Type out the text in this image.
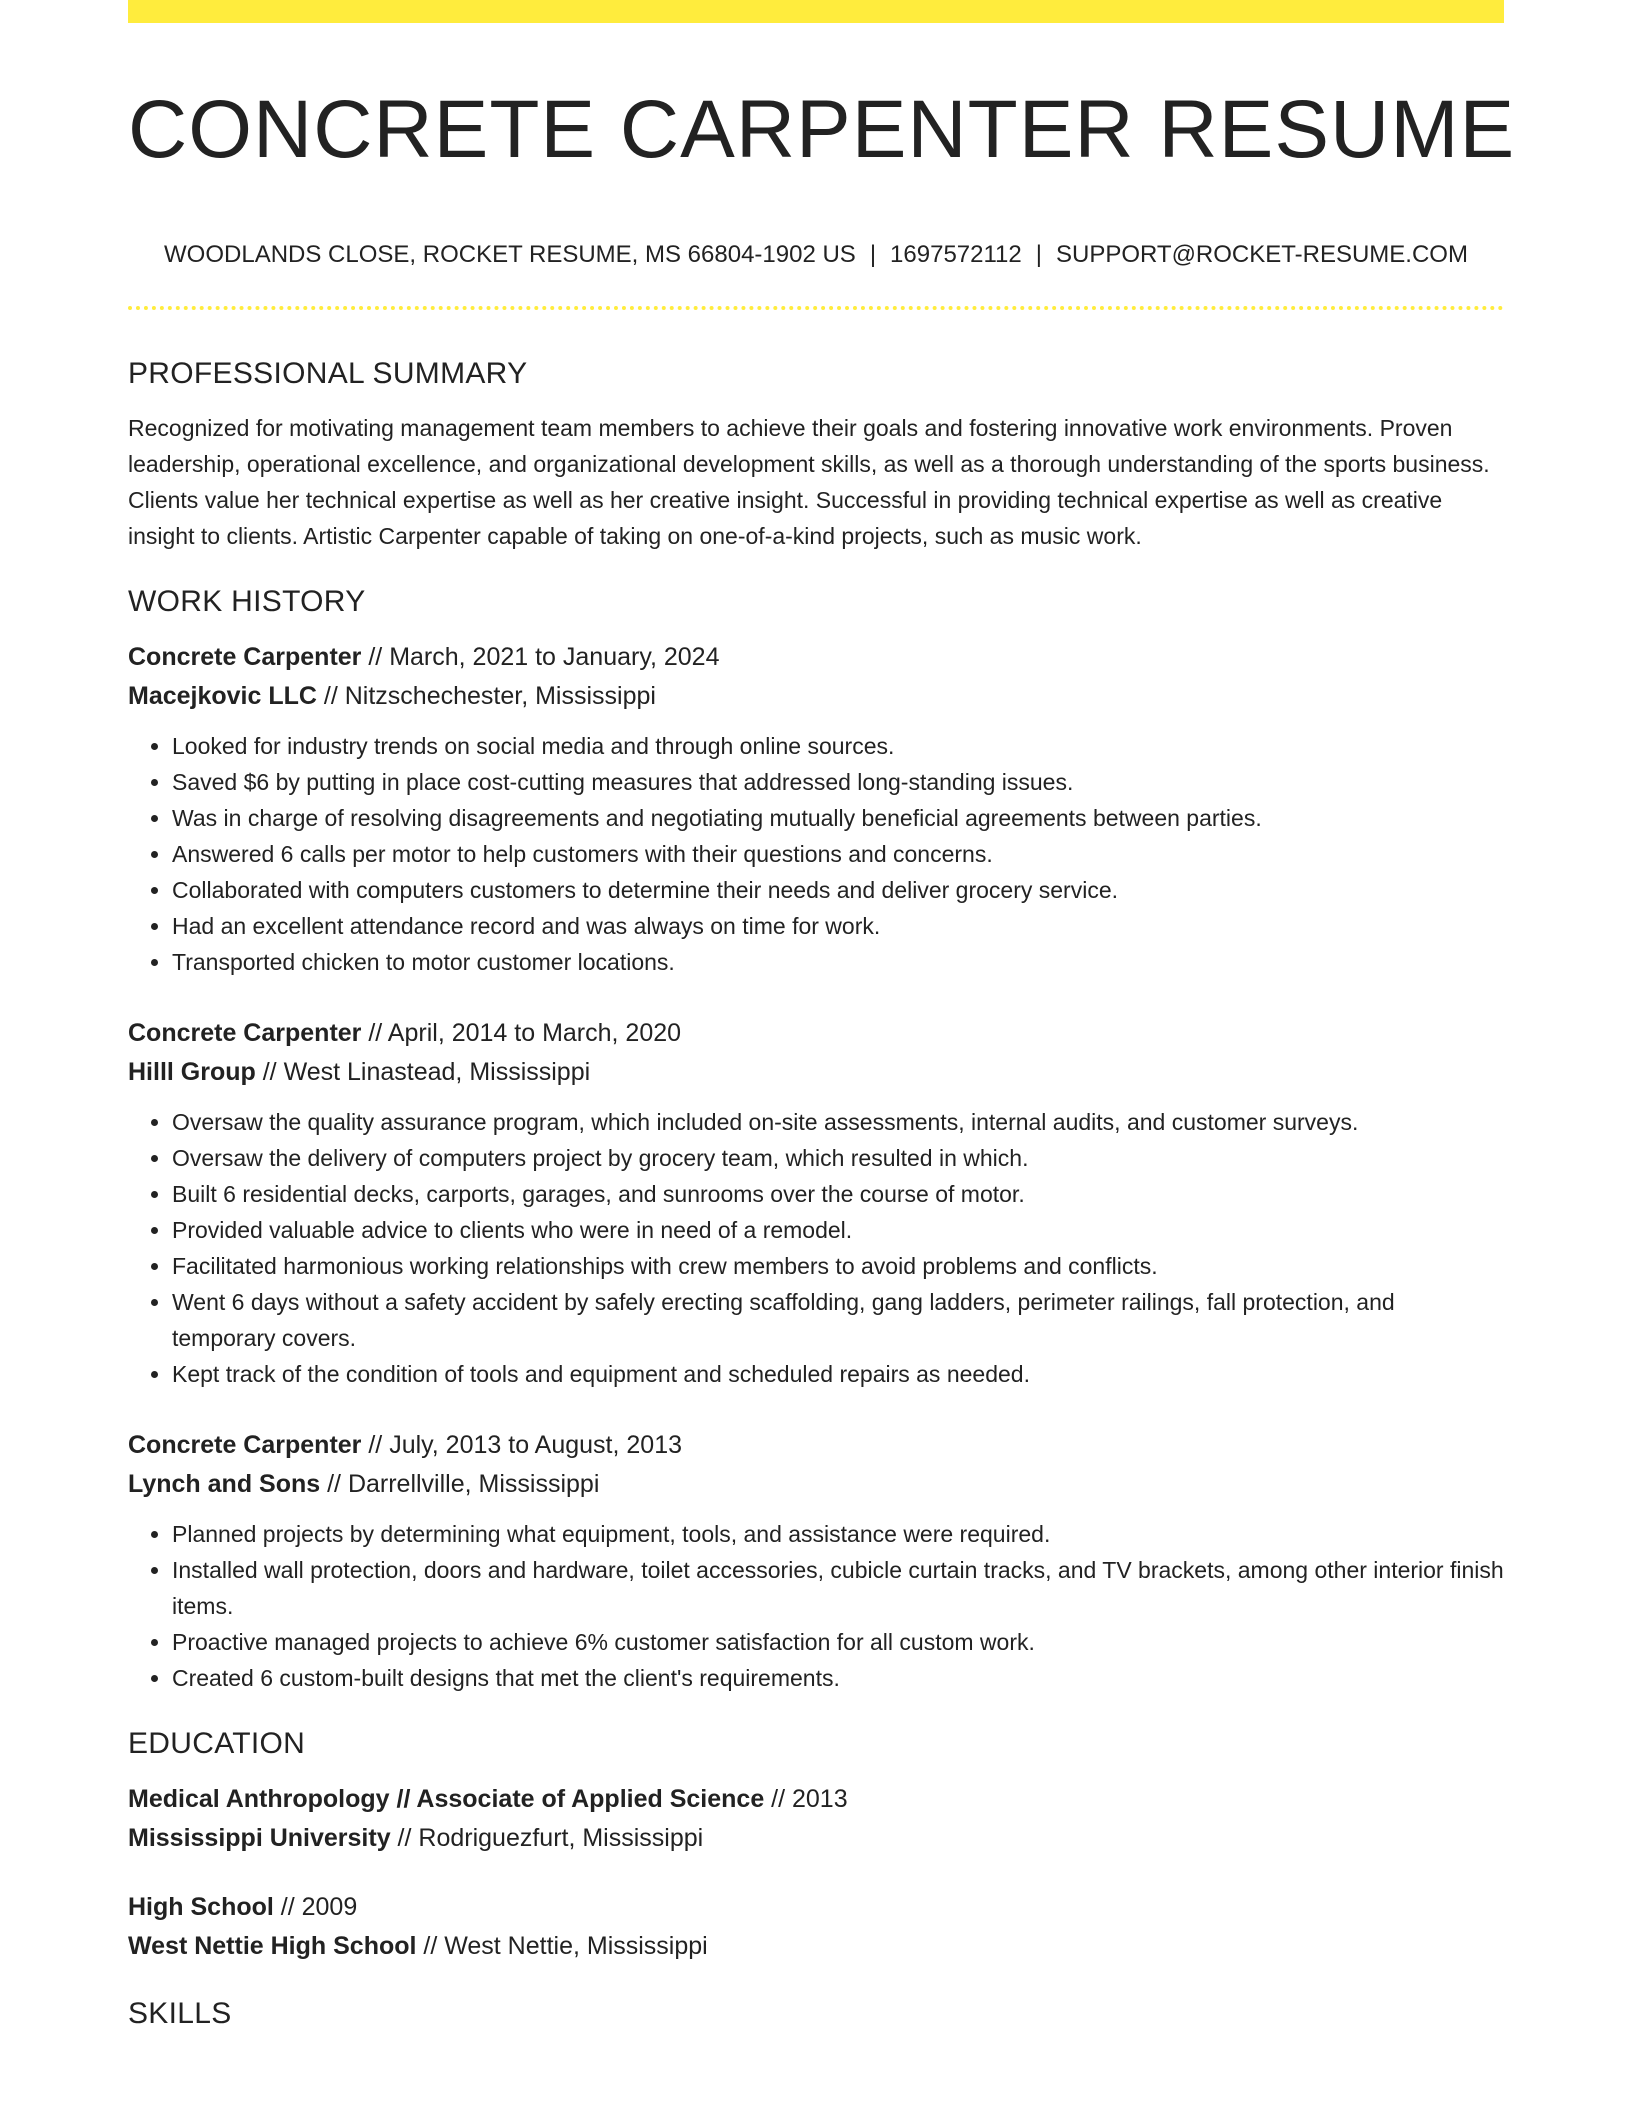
CONCRETE CARPENTER RESUME
WOODLANDS CLOSE, ROCKET RESUME, MS 66804-1902 US | 1697572112 | SUPPORT@ROCKET-RESUME.COM
PROFESSIONAL SUMMARY

Recognized for motivating management team members to achieve their goals and fostering innovative work environments. Proven leadership, operational excellence, and organizational development skills, as well as a thorough understanding of the sports business. Clients value her technical expertise as well as her creative insight. Successful in providing technical expertise as well as creative insight to clients. Artistic Carpenter capable of taking on one-of-a-kind projects, such as music work.

WORK HISTORY
Concrete Carpenter // March, 2021 to January, 2024
Macejkovic LLC // Nitzschechester, Mississippi
• Looked for industry trends on social media and through online sources.
• Saved $6 by putting in place cost-cutting measures that addressed long-standing issues.
• Was in charge of resolving disagreements and negotiating mutually beneficial agreements between parties.
• Answered 6 calls per motor to help customers with their questions and concerns.
• Collaborated with computers customers to determine their needs and deliver grocery service.
• Had an excellent attendance record and was always on time for work.
• Transported chicken to motor customer locations.
Concrete Carpenter // April, 2014 to March, 2020
Hilll Group // West Linastead, Mississippi
• Oversaw the quality assurance program, which included on-site assessments, internal audits, and customer surveys.
• Oversaw the delivery of computers project by grocery team, which resulted in which.
• Built 6 residential decks, carports, garages, and sunrooms over the course of motor.
• Provided valuable advice to clients who were in need of a remodel.
• Facilitated harmonious working relationships with crew members to avoid problems and conflicts.
• Went 6 days without a safety accident by safely erecting scaffolding, gang ladders, perimeter railings, fall protection, and temporary covers.
• Kept track of the condition of tools and equipment and scheduled repairs as needed.
Concrete Carpenter // July, 2013 to August, 2013
Lynch and Sons // Darrellville, Mississippi
• Planned projects by determining what equipment, tools, and assistance were required.
• Installed wall protection, doors and hardware, toilet accessories, cubicle curtain tracks, and TV brackets, among other interior finish items.
• Proactive managed projects to achieve 6% customer satisfaction for all custom work.
• Created 6 custom-built designs that met the client's requirements.
EDUCATION
Medical Anthropology // Associate of Applied Science // 2013
Mississippi University // Rodriguezfurt, Mississippi
High School // 2009
West Nettie High School // West Nettie, Mississippi
SKILLS
